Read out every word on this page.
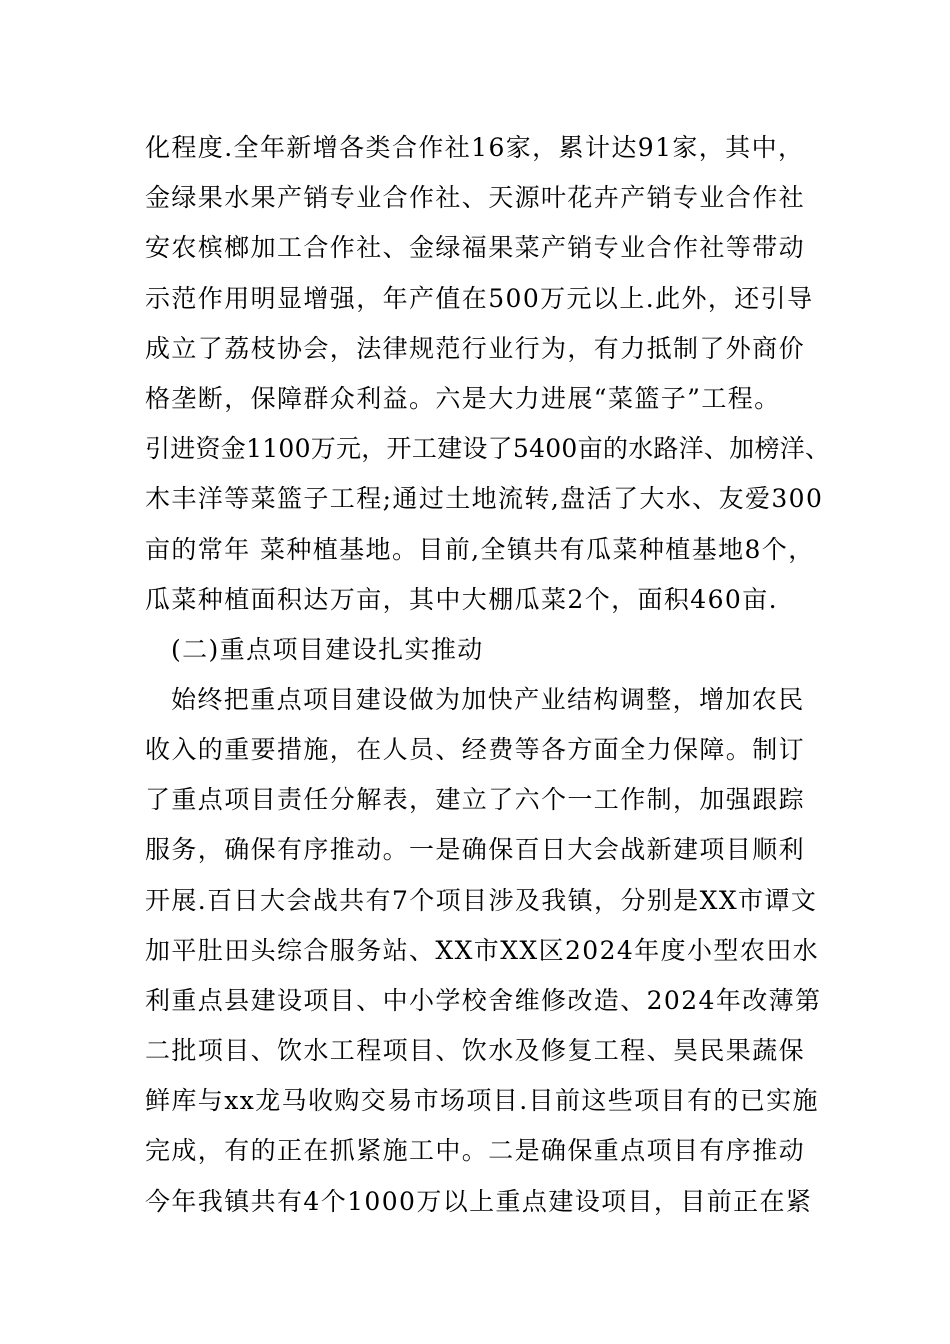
化程度.全年新增各类合作社16家，累计达91家，其中，
金绿果水果产销专业合作社、天源叶花卉产销专业合作社
安农槟榔加工合作社、金绿福果菜产销专业合作社等带动
示范作用明显增强，年产值在500万元以上.此外，还引导
成立了荔枝协会，法律规范行业行为，有力抵制了外商价
格垄断，保障群众利益。六是大力进展“菜篮子”工程。
引进资金1100万元，开工建设了5400亩的水路洋、加榜洋、
木丰洋等菜篮子工程;通过土地流转,盘活了大水、友爱300
亩的常年 菜种植基地。目前,全镇共有瓜菜种植基地8个，
瓜菜种植面积达万亩，其中大棚瓜菜2个，面积460亩.
(二)重点项目建设扎实推动
始终把重点项目建设做为加快产业结构调整，增加农民
收入的重要措施，在人员、经费等各方面全力保障。制订
了重点项目责任分解表，建立了六个一工作制，加强跟踪
服务，确保有序推动。一是确保百日大会战新建项目顺利
开展.百日大会战共有7个项目涉及我镇，分别是XX市谭文
加平肚田头综合服务站、XX市XX区2024年度小型农田水
利重点县建设项目、中小学校舍维修改造、2024年改薄第
二批项目、饮水工程项目、饮水及修复工程、昊民果蔬保
鲜库与xx龙马收购交易市场项目.目前这些项目有的已实施
完成，有的正在抓紧施工中。二是确保重点项目有序推动
今年我镇共有4个1000万以上重点建设项目，目前正在紧
